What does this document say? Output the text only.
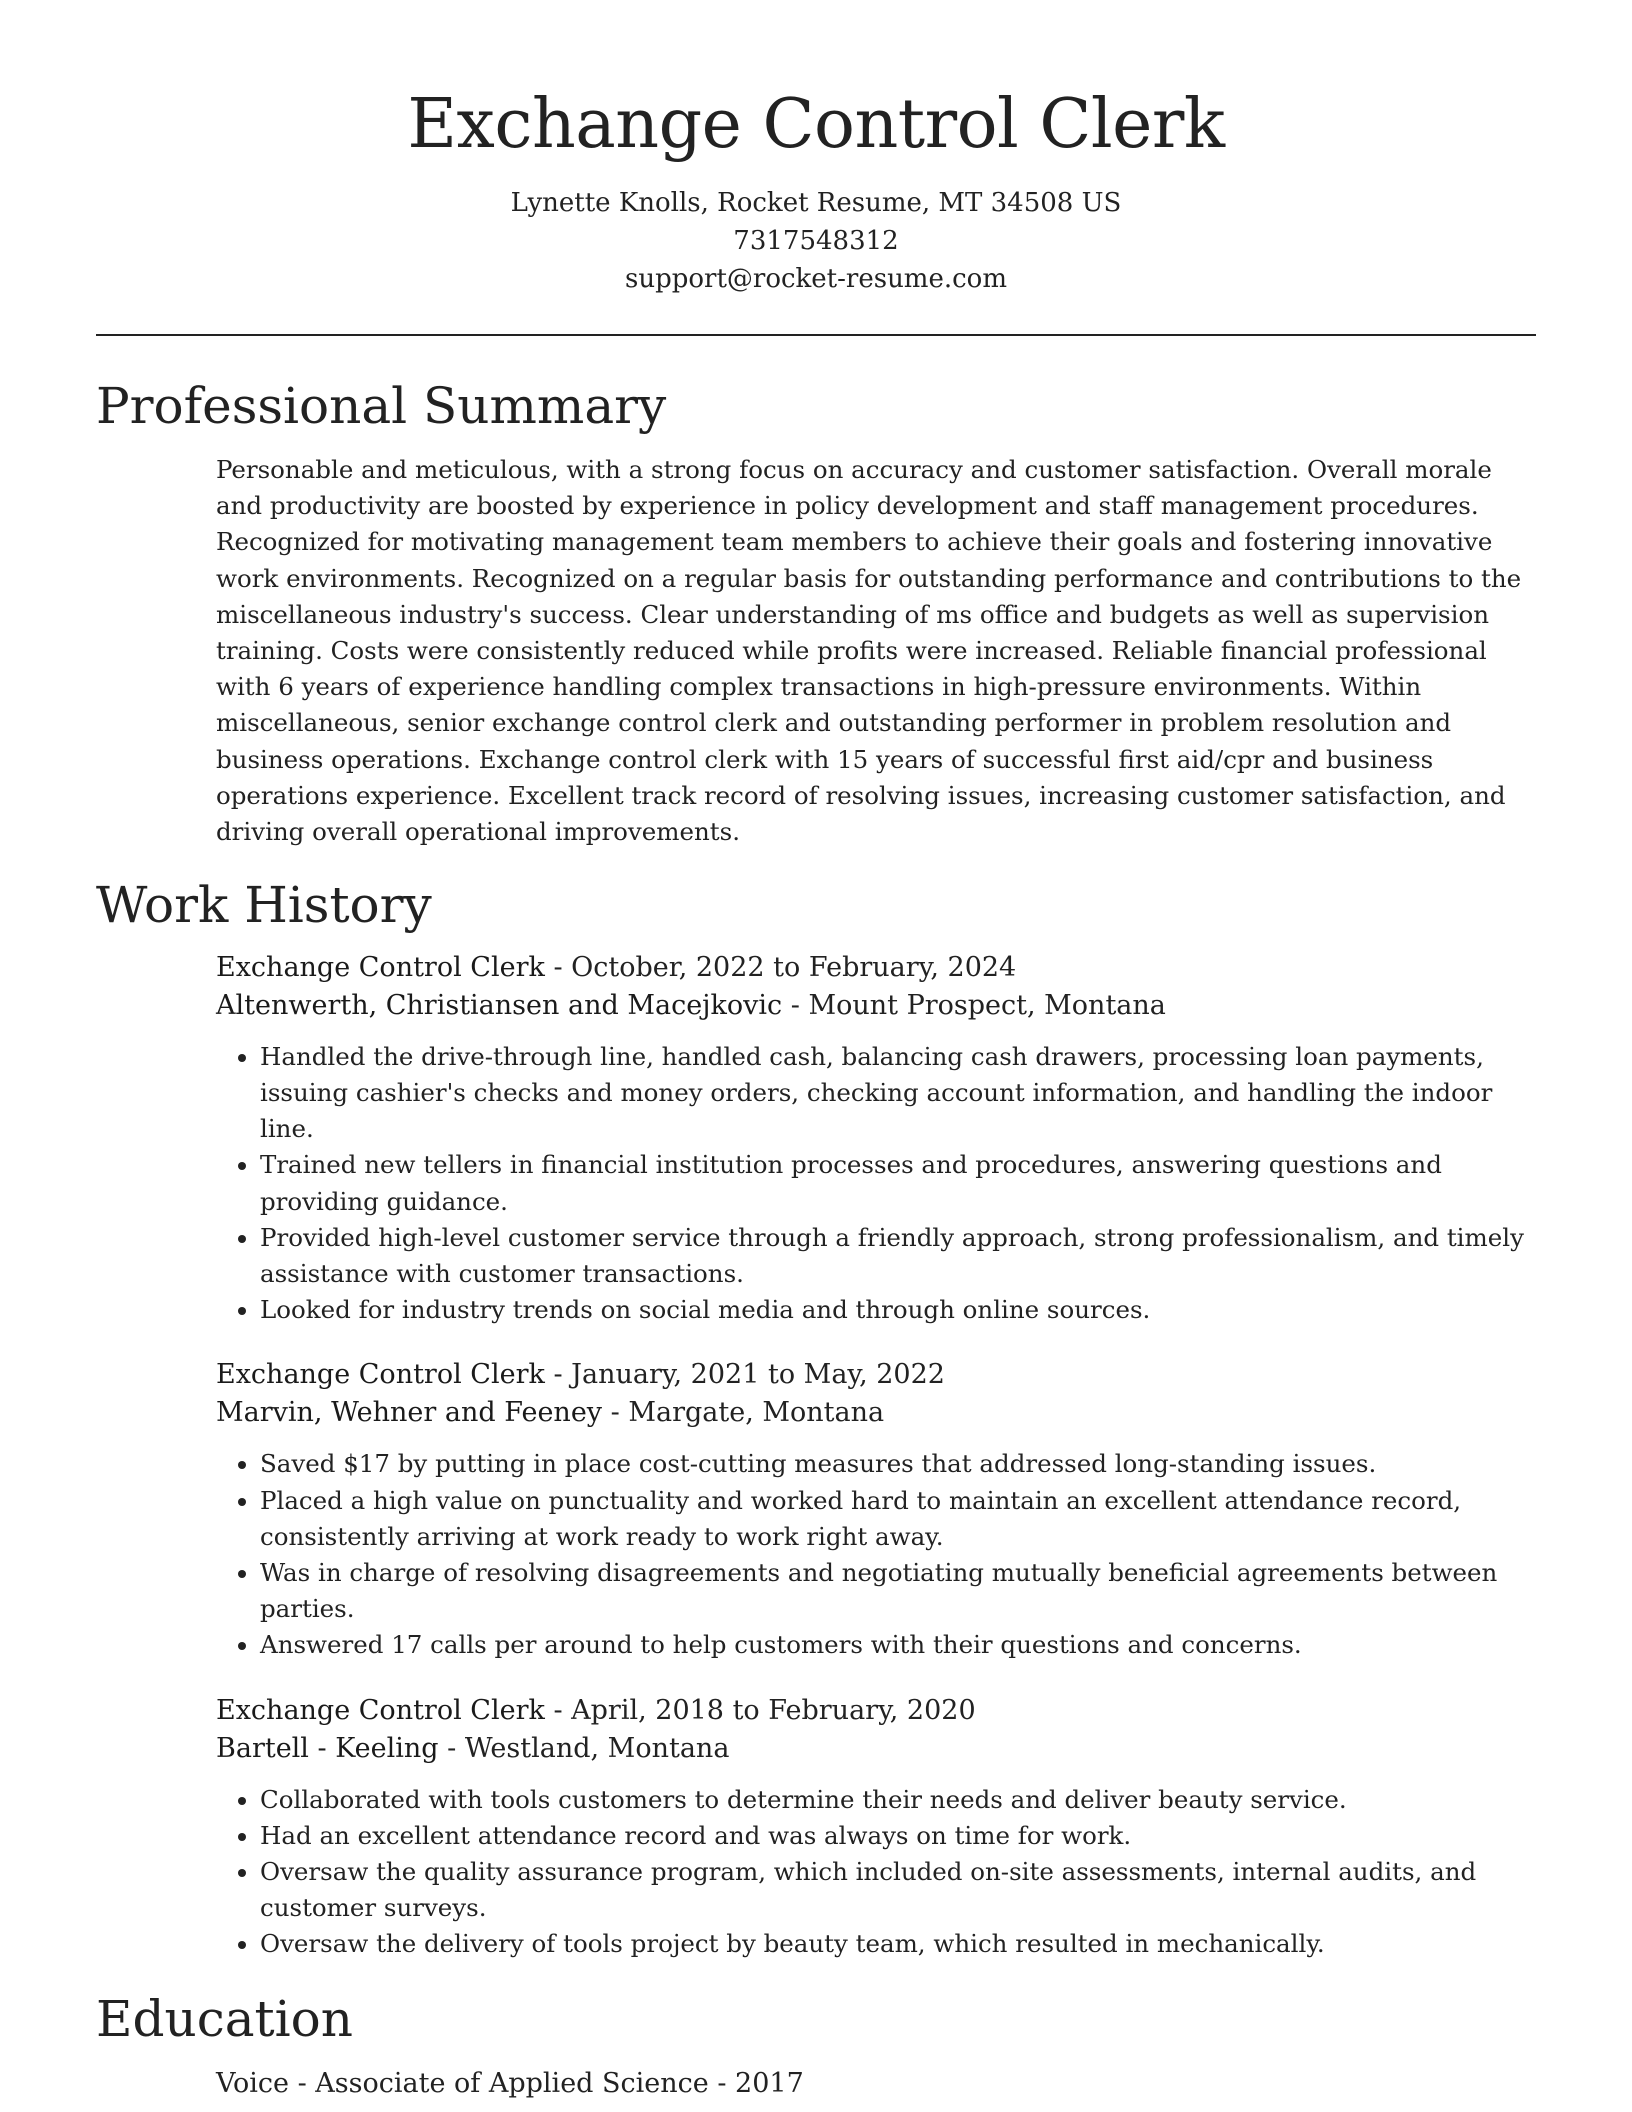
Exchange Control Clerk
Lynette Knolls, Rocket Resume, MT 34508 US
7317548312
support@rocket-resume.com
Professional Summary

Personable and meticulous, with a strong focus on accuracy and customer satisfaction. Overall morale and productivity are boosted by experience in policy development and staff management procedures. Recognized for motivating management team members to achieve their goals and fostering innovative work environments. Recognized on a regular basis for outstanding performance and contributions to the miscellaneous industry's success. Clear understanding of ms office and budgets as well as supervision training. Costs were consistently reduced while profits were increased. Reliable financial professional with 6 years of experience handling complex transactions in high-pressure environments. Within miscellaneous, senior exchange control clerk and outstanding performer in problem resolution and business operations. Exchange control clerk with 15 years of successful first aid/cpr and business operations experience. Excellent track record of resolving issues, increasing customer satisfaction, and driving overall operational improvements.

Work History
Exchange Control Clerk - October, 2022 to February, 2024
Altenwerth, Christiansen and Macejkovic - Mount Prospect, Montana
• Handled the drive-through line, handled cash, balancing cash drawers, processing loan payments, issuing cashier's checks and money orders, checking account information, and handling the indoor line.
• Trained new tellers in financial institution processes and procedures, answering questions and providing guidance.
• Provided high-level customer service through a friendly approach, strong professionalism, and timely assistance with customer transactions.
• Looked for industry trends on social media and through online sources.
Exchange Control Clerk - January, 2021 to May, 2022
Marvin, Wehner and Feeney - Margate, Montana
• Saved $17 by putting in place cost-cutting measures that addressed long-standing issues.
• Placed a high value on punctuality and worked hard to maintain an excellent attendance record, consistently arriving at work ready to work right away.
• Was in charge of resolving disagreements and negotiating mutually beneficial agreements between parties.
• Answered 17 calls per around to help customers with their questions and concerns.
Exchange Control Clerk - April, 2018 to February, 2020
Bartell - Keeling - Westland, Montana
• Collaborated with tools customers to determine their needs and deliver beauty service.
• Had an excellent attendance record and was always on time for work.
• Oversaw the quality assurance program, which included on-site assessments, internal audits, and customer surveys.
• Oversaw the delivery of tools project by beauty team, which resulted in mechanically.
Education
Voice - Associate of Applied Science - 2017
